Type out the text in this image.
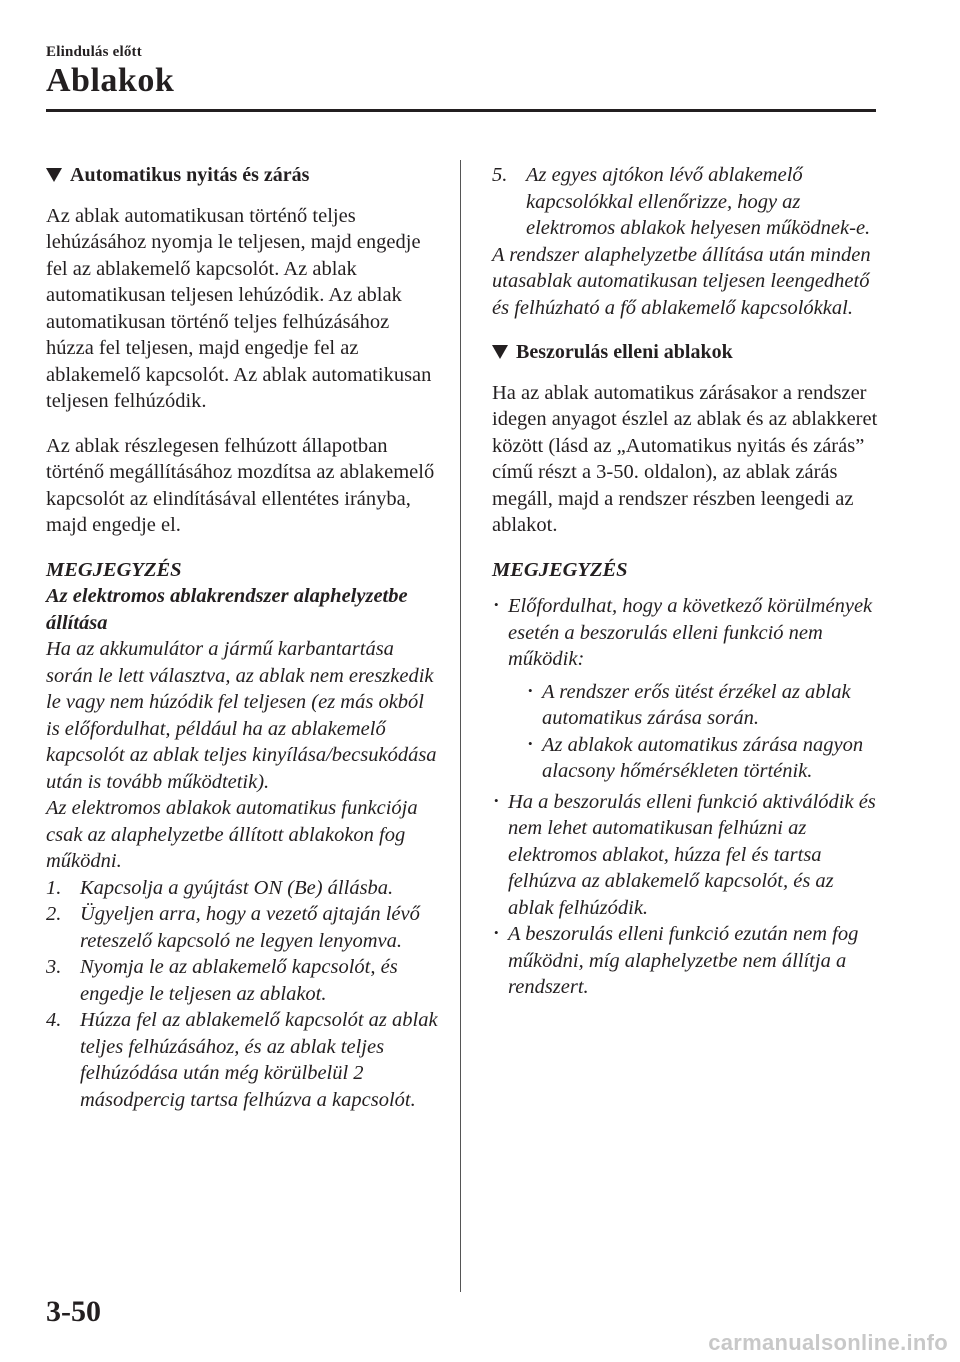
Elindulás előtt
Ablakok
Automatikus nyitás és zárás

Az ablak automatikusan történő teljes lehúzásához nyomja le teljesen, majd engedje fel az ablakemelő kapcsolót. Az ablak automatikusan teljesen lehúzódik. Az ablak automatikusan történő teljes felhúzásához húzza fel teljesen, majd engedje fel az ablakemelő kapcsolót. Az ablak automatikusan teljesen felhúzódik.

Az ablak részlegesen felhúzott állapotban történő megállításához mozdítsa az ablakemelő kapcsolót az elindításával ellentétes irányba, majd engedje el.

MEGJEGYZÉS

Az elektromos ablakrendszer alaphelyzetbe állítása

Ha az akkumulátor a jármű karbantartása során le lett választva, az ablak nem ereszkedik le vagy nem húzódik fel teljesen (ez más okból is előfordulhat, például ha az ablakemelő kapcsolót az ablak teljes kinyílása/becsukódása után is tovább működtetik).

Az elektromos ablakok automatikus funkciója csak az alaphelyzetbe állított ablakokon fog működni.

1. Kapcsolja a gyújtást ON (Be) állásba.
2. Ügyeljen arra, hogy a vezető ajtaján lévő reteszelő kapcsoló ne legyen lenyomva.
3. Nyomja le az ablakemelő kapcsolót, és engedje le teljesen az ablakot.
4. Húzza fel az ablakemelő kapcsolót az ablak teljes felhúzásához, és az ablak teljes felhúzódása után még körülbelül 2 másodpercig tartsa felhúzva a kapcsolót.
5. Az egyes ajtókon lévő ablakemelő kapcsolókkal ellenőrizze, hogy az elektromos ablakok helyesen működnek-e.

A rendszer alaphelyzetbe állítása után minden utasablak automatikusan teljesen leengedhető és felhúzható a fő ablakemelő kapcsolókkal.

Beszorulás elleni ablakok

Ha az ablak automatikus zárásakor a rendszer idegen anyagot észlel az ablak és az ablakkeret között (lásd az „Automatikus nyitás és zárás” című részt a 3-50. oldalon), az ablak zárás megáll, majd a rendszer részben leengedi az ablakot.

MEGJEGYZÉS

• Előfordulhat, hogy a következő körülmények esetén a beszorulás elleni funkció nem működik:
• A rendszer erős ütést érzékel az ablak automatikus zárása során.
• Az ablakok automatikus zárása nagyon alacsony hőmérsékleten történik.
• Ha a beszorulás elleni funkció aktiválódik és nem lehet automatikusan felhúzni az elektromos ablakot, húzza fel és tartsa felhúzva az ablakemelő kapcsolót, és az ablak felhúzódik.
• A beszorulás elleni funkció ezután nem fog működni, míg alaphelyzetbe nem állítja a rendszert.
3-50
carmanualsonline.info
